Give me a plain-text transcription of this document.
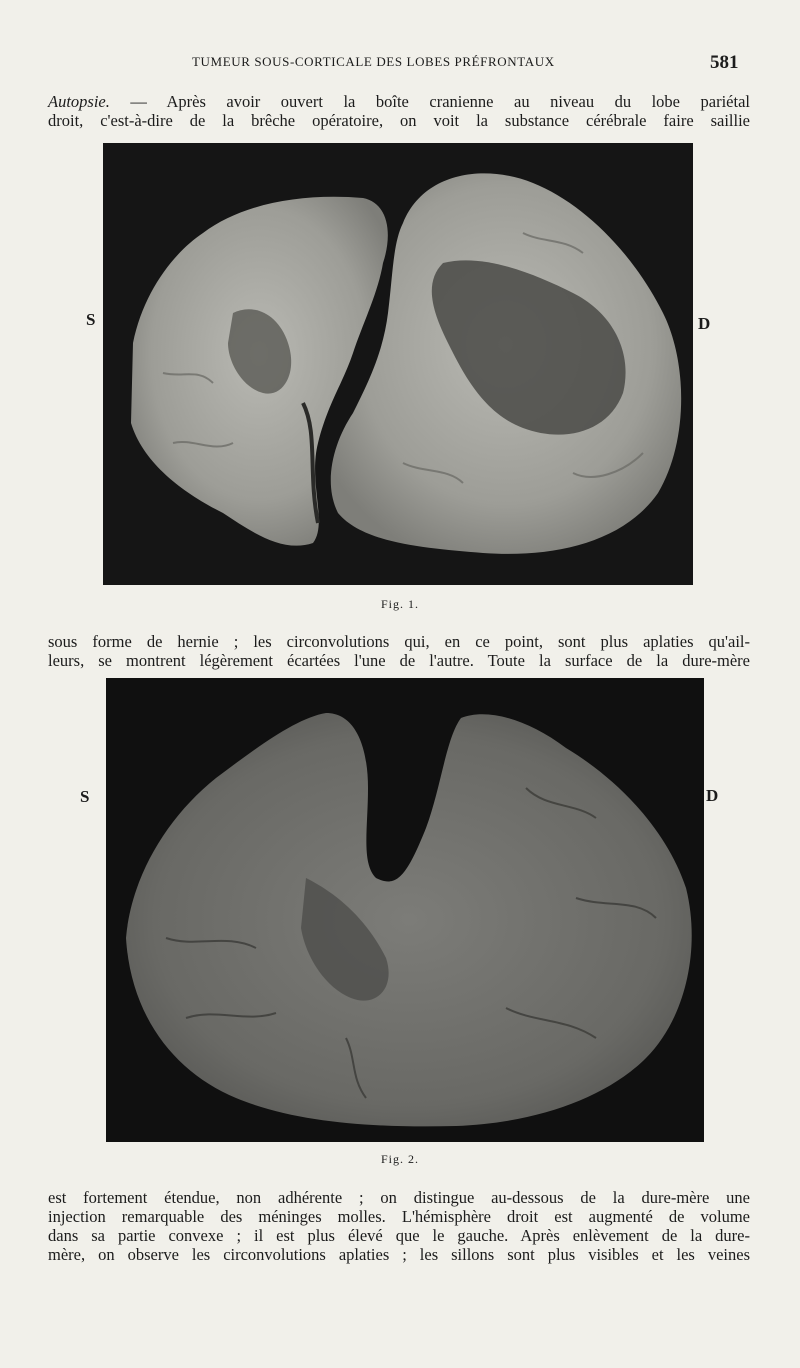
TUMEUR SOUS-CORTICALE DES LOBES PRÉFRONTAUX	581

Autopsie. — Après avoir ouvert la boîte cranienne au niveau du lobe pariétal
droit, c'est-à-dire de la brêche opératoire, on voit la substance cérébrale faire saillie

S	D
Fig. 1.

sous forme de hernie ; les circonvolutions qui, en ce point, sont plus aplaties qu'ail-
leurs, se montrent légèrement écartées l'une de l'autre. Toute la surface de la dure-mère

S	D
Fig. 2.

est fortement étendue, non adhérente ; on distingue au-dessous de la dure-mère une
injection remarquable des méninges molles. L'hémisphère droit est augmenté de volume
dans sa partie convexe ; il est plus élevé que le gauche. Après enlèvement de la dure-
mère, on observe les circonvolutions aplaties ; les sillons sont plus visibles et les veines
